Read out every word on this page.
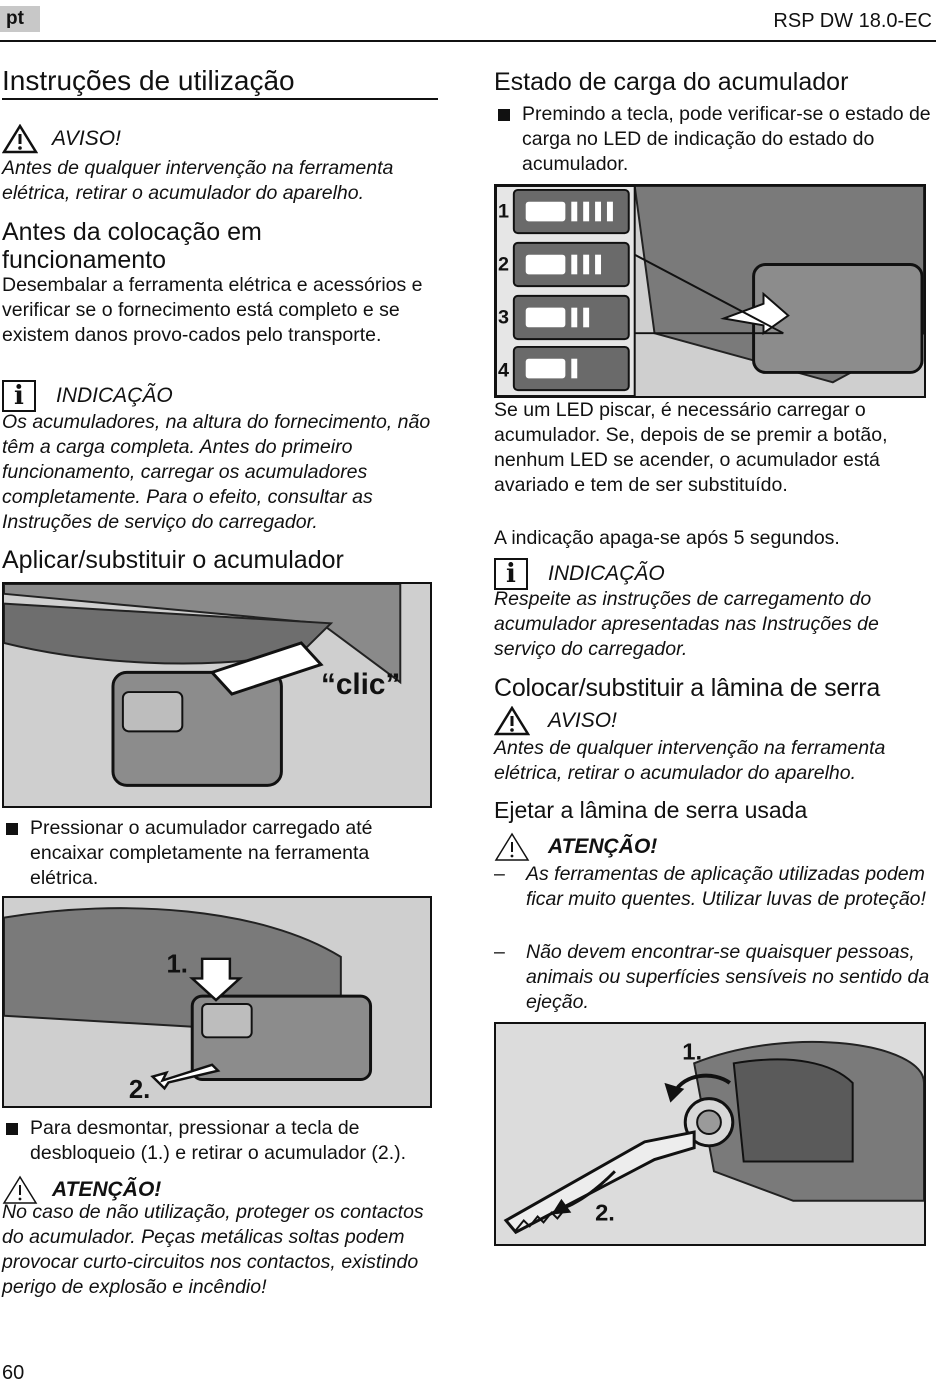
pt	RSP DW 18.0-EC
Instruções de utilização
AVISO!
Antes de qualquer intervenção na ferramenta elétrica, retirar o acumulador do aparelho.
Antes da colocação em
funcionamento
Desembalar a ferramenta elétrica e acessórios e verificar se o fornecimento está completo e se existem danos provo-cados pelo transporte.
i	INDICAÇÃO
Os acumuladores, na altura do fornecimento, não têm a carga completa. Antes do primeiro funcionamento, carregar os acumuladores completamente. Para o efeito, consultar as Instruções de serviço do carregador.
Aplicar/substituir o acumulador
“clic”
Pressionar o acumulador carregado até encaixar completamente na ferramenta elétrica.
1.
2.
Para desmontar, pressionar a tecla de desbloqueio (1.) e retirar o acumulador (2.).
ATENÇÃO!
No caso de não utilização, proteger os contactos do acumulador. Peças metálicas soltas podem provocar curto-circuitos nos contactos, existindo perigo de explosão e incêndio!
Estado de carga do acumulador
Premindo a tecla, pode verificar-se o estado de carga no LED de indicação do estado do acumulador.
1
2
3
4
Se um LED piscar, é necessário carregar o acumulador. Se, depois de se premir a botão, nenhum LED se acender, o acumulador está avariado e tem de ser substituído.
A indicação apaga-se após 5 segundos.
i	INDICAÇÃO
Respeite as instruções de carregamento do acumulador apresentadas nas Instruções de serviço do carregador.
Colocar/substituir a lâmina de serra
AVISO!
Antes de qualquer intervenção na ferramenta elétrica, retirar o acumulador do aparelho.
Ejetar a lâmina de serra usada
ATENÇÃO!
– As ferramentas de aplicação utilizadas podem ficar muito quentes. Utilizar luvas de proteção!
– Não devem encontrar-se quaisquer pessoas, animais ou superfícies sensíveis no sentido da ejeção.
1.
2.
60
